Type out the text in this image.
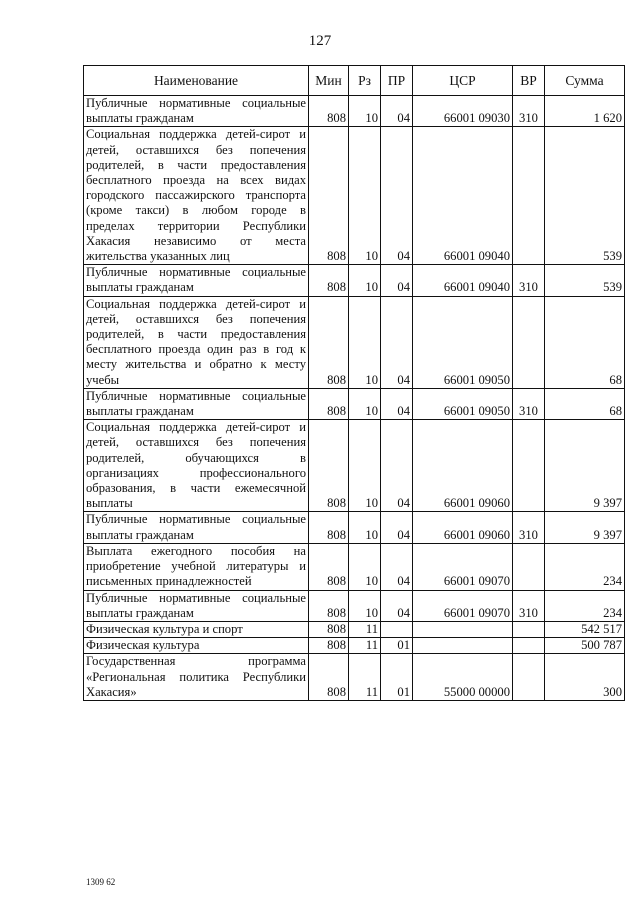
127
Наименование	Мин	Рз	ПР	ЦСР	ВР	Сумма
Публичные нормативные социальные выплаты гражданам	808	10	04	66001 09030	310	1 620
Социальная поддержка детей-сирот и детей, оставшихся без попечения родителей, в части предоставления бесплатного проезда на всех видах городского пассажирского транспорта (кроме такси) в любом городе в пределах территории Республики Хакасия независимо от места жительства указанных лиц	808	10	04	66001 09040		539
Публичные нормативные социальные выплаты гражданам	808	10	04	66001 09040	310	539
Социальная поддержка детей-сирот и детей, оставшихся без попечения родителей, в части предоставления бесплатного проезда один раз в год к месту жительства и обратно к месту учебы	808	10	04	66001 09050		68
Публичные нормативные социальные выплаты гражданам	808	10	04	66001 09050	310	68
Социальная поддержка детей-сирот и детей, оставшихся без попечения родителей, обучающихся в организациях профессионального образования, в части ежемесячной выплаты	808	10	04	66001 09060		9 397
Публичные нормативные социальные выплаты гражданам	808	10	04	66001 09060	310	9 397
Выплата ежегодного пособия на приобретение учебной литературы и письменных принадлежностей	808	10	04	66001 09070		234
Публичные нормативные социальные выплаты гражданам	808	10	04	66001 09070	310	234
Физическая культура и спорт	808	11				542 517
Физическая культура	808	11	01			500 787
Государственная программа «Региональная политика Республики Хакасия»	808	11	01	55000 00000		300
1309 62
